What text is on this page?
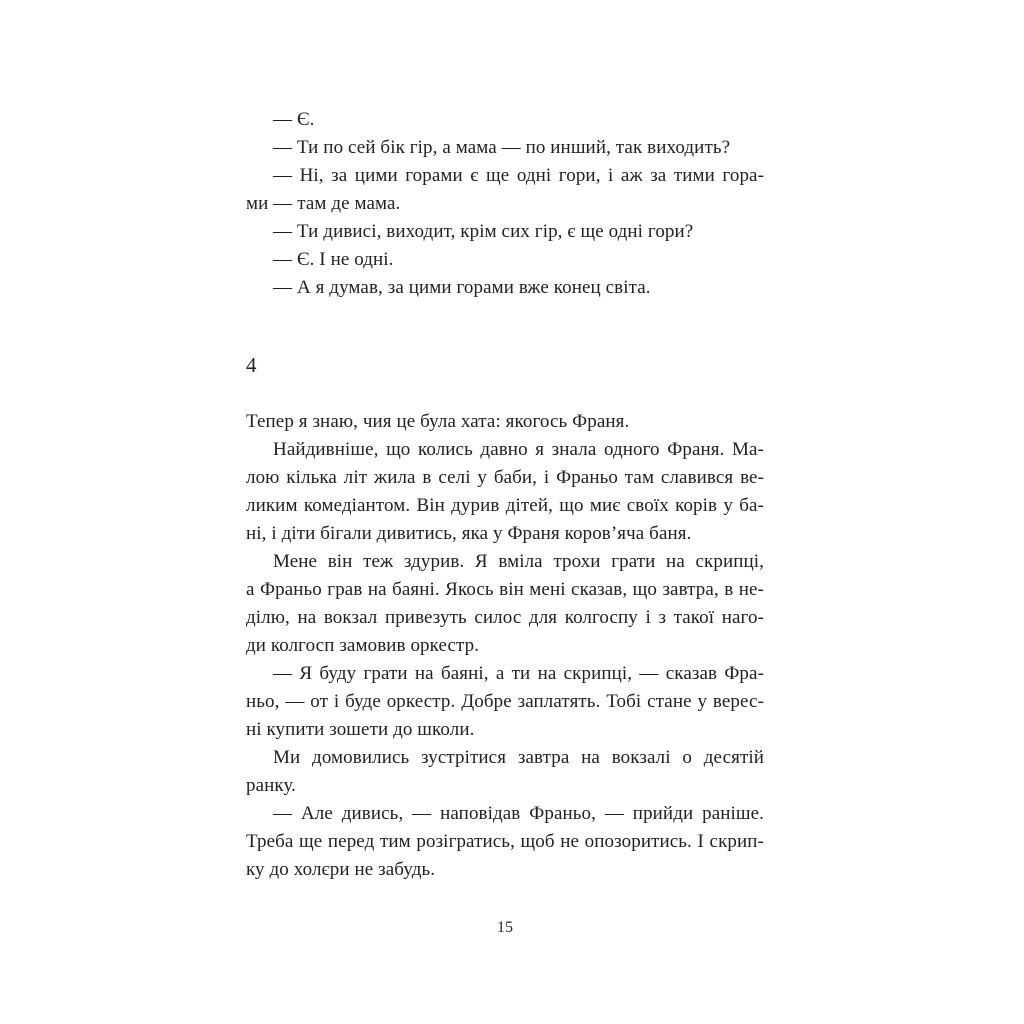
— Є.
— Ти по сей бік гір, а мама — по инший, так виходить?
— Ні, за цими горами є ще одні гори, і аж за тими гора-
ми — там де мама.
— Ти дивисі, виходит, крім сих гір, є ще одні гори?
— Є. І не одні.
— А я думав, за цими горами вже конец світа.
4
Тепер я знаю, чия це була хата: якогось Франя.
Найдивніше, що колись давно я знала одного Франя. Ма-
лою кілька літ жила в селі у баби, і Франьо там славився ве-
ликим комедіантом. Він дурив дітей, що миє своїх корів у ба-
ні, і діти бігали дивитись, яка у Франя коров’яча баня.
Мене він теж здурив. Я вміла трохи грати на скрипці,
а Франьо грав на баяні. Якось він мені сказав, що завтра, в не-
ділю, на вокзал привезуть силос для колгоспу і з такої наго-
ди колгосп замовив оркестр.
— Я буду грати на баяні, а ти на скрипці, — сказав Фра-
ньо, — от і буде оркестр. Добре заплатять. Тобі стане у верес-
ні купити зошети до школи.
Ми домовились зустрітися завтра на вокзалі о десятій
ранку.
— Але дивись, — наповідав Франьо, — прийди раніше.
Треба ще перед тим розігратись, щоб не опозоритись. І скрип-
ку до холєри не забудь.
15
